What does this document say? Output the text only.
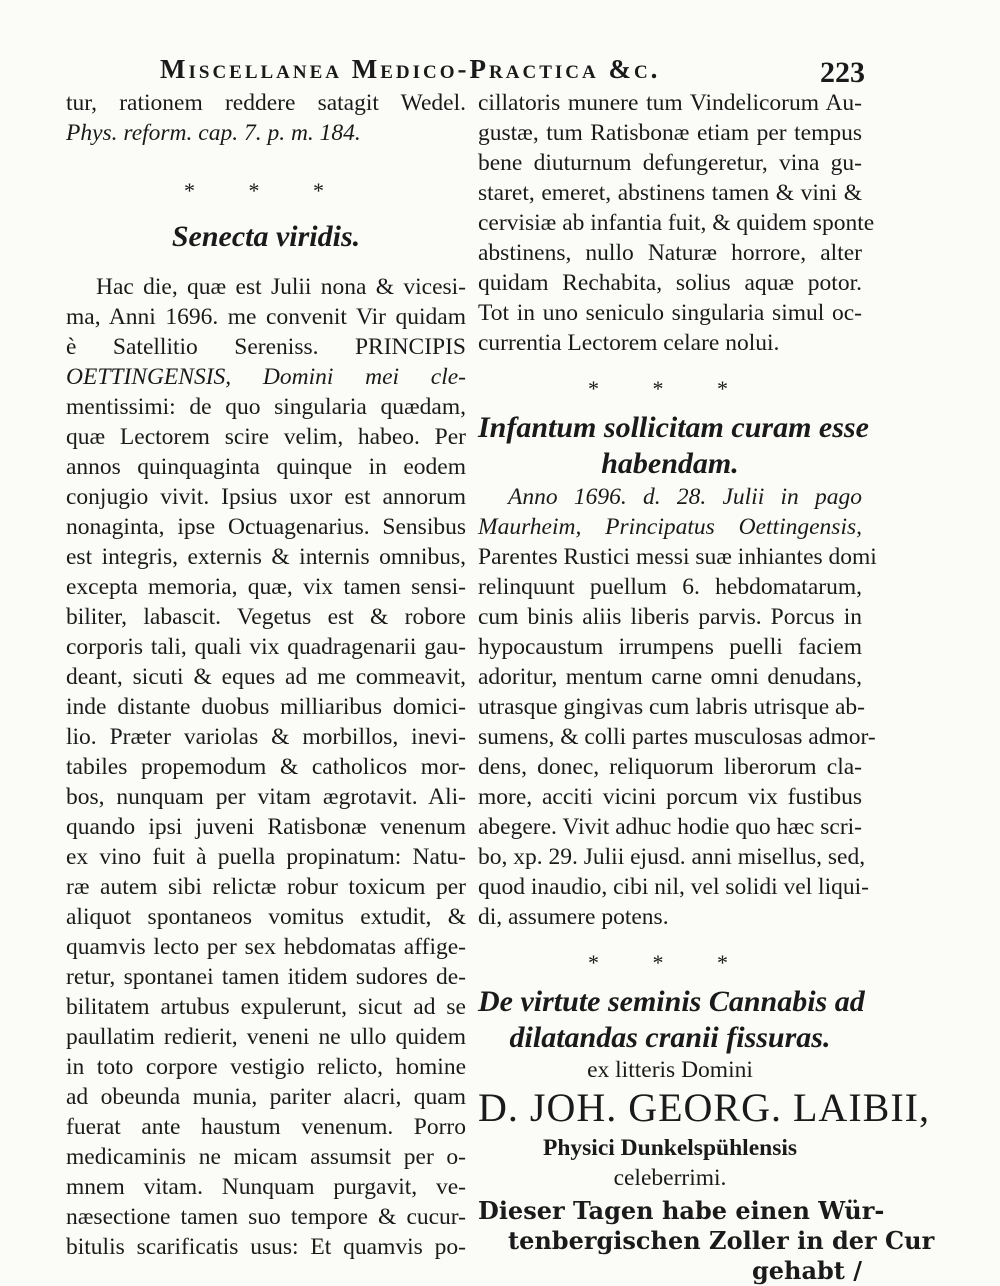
Miscellanea Medico-Practica &c.	223
tur, rationem reddere satagit Wedel.
Phys. reform. cap. 7. p. m. 184.
* * *
Senecta viridis.
Hac die, quæ est Julii nona & vicesi-
ma, Anni 1696. me convenit Vir quidam
è Satellitio Sereniss. PRINCIPIS
OETTINGENSIS, Domini mei cle-
mentissimi: de quo singularia quædam,
quæ Lectorem scire velim, habeo. Per
annos quinquaginta quinque in eodem
conjugio vivit. Ipsius uxor est annorum
nonaginta, ipse Octuagenarius. Sensibus
est integris, externis & internis omnibus,
excepta memoria, quæ, vix tamen sensi-
biliter, labascit. Vegetus est & robore
corporis tali, quali vix quadragenarii gau-
deant, sicuti & eques ad me commeavit,
inde distante duobus milliaribus domici-
lio. Præter variolas & morbillos, inevi-
tabiles propemodum & catholicos mor-
bos, nunquam per vitam ægrotavit. Ali-
quando ipsi juveni Ratisbonæ venenum
ex vino fuit à puella propinatum: Natu-
ræ autem sibi relictæ robur toxicum per
aliquot spontaneos vomitus extudit, &
quamvis lecto per sex hebdomatas affige-
retur, spontanei tamen itidem sudores de-
bilitatem artubus expulerunt, sicut ad se
paullatim redierit, veneni ne ullo quidem
in toto corpore vestigio relicto, homine
ad obeunda munia, pariter alacri, quam
fuerat ante haustum venenum. Porro
medicaminis ne micam assumsit per o-
mnem vitam. Nunquam purgavit, ve-
næsectione tamen suo tempore & cucur-
bitulis scarificatis usus: Et quamvis po-
cillatoris munere tum Vindelicorum Au-
gustæ, tum Ratisbonæ etiam per tempus
bene diuturnum defungeretur, vina gu-
staret, emeret, abstinens tamen & vini &
cervisiæ ab infantia fuit, & quidem sponte
abstinens, nullo Naturæ horrore, alter
quidam Rechabita, solius aquæ potor.
Tot in uno seniculo singularia simul oc-
currentia Lectorem celare nolui.
* * *
Infantum sollicitam curam esse
habendam.
Anno 1696. d. 28. Julii in pago
Maurheim, Principatus Oettingensis,
Parentes Rustici messi suæ inhiantes domi
relinquunt puellum 6. hebdomatarum,
cum binis aliis liberis parvis. Porcus in
hypocaustum irrumpens puelli faciem
adoritur, mentum carne omni denudans,
utrasque gingivas cum labris utrisque ab-
sumens, & colli partes musculosas admor-
dens, donec, reliquorum liberorum cla-
more, acciti vicini porcum vix fustibus
abegere. Vivit adhuc hodie quo hæc scri-
bo, xp. 29. Julii ejusd. anni misellus, sed,
quod inaudio, cibi nil, vel solidi vel liqui-
di, assumere potens.
* * *
De virtute seminis Cannabis ad
dilatandas cranii fissuras.
ex litteris Domini
D. JOH. GEORG. LAIBII,
Physici Dunkelspühlensis
celeberrimi.
Dieser Tagen habe einen Wür-
tenbergischen Zoller in der Cur
gehabt /
